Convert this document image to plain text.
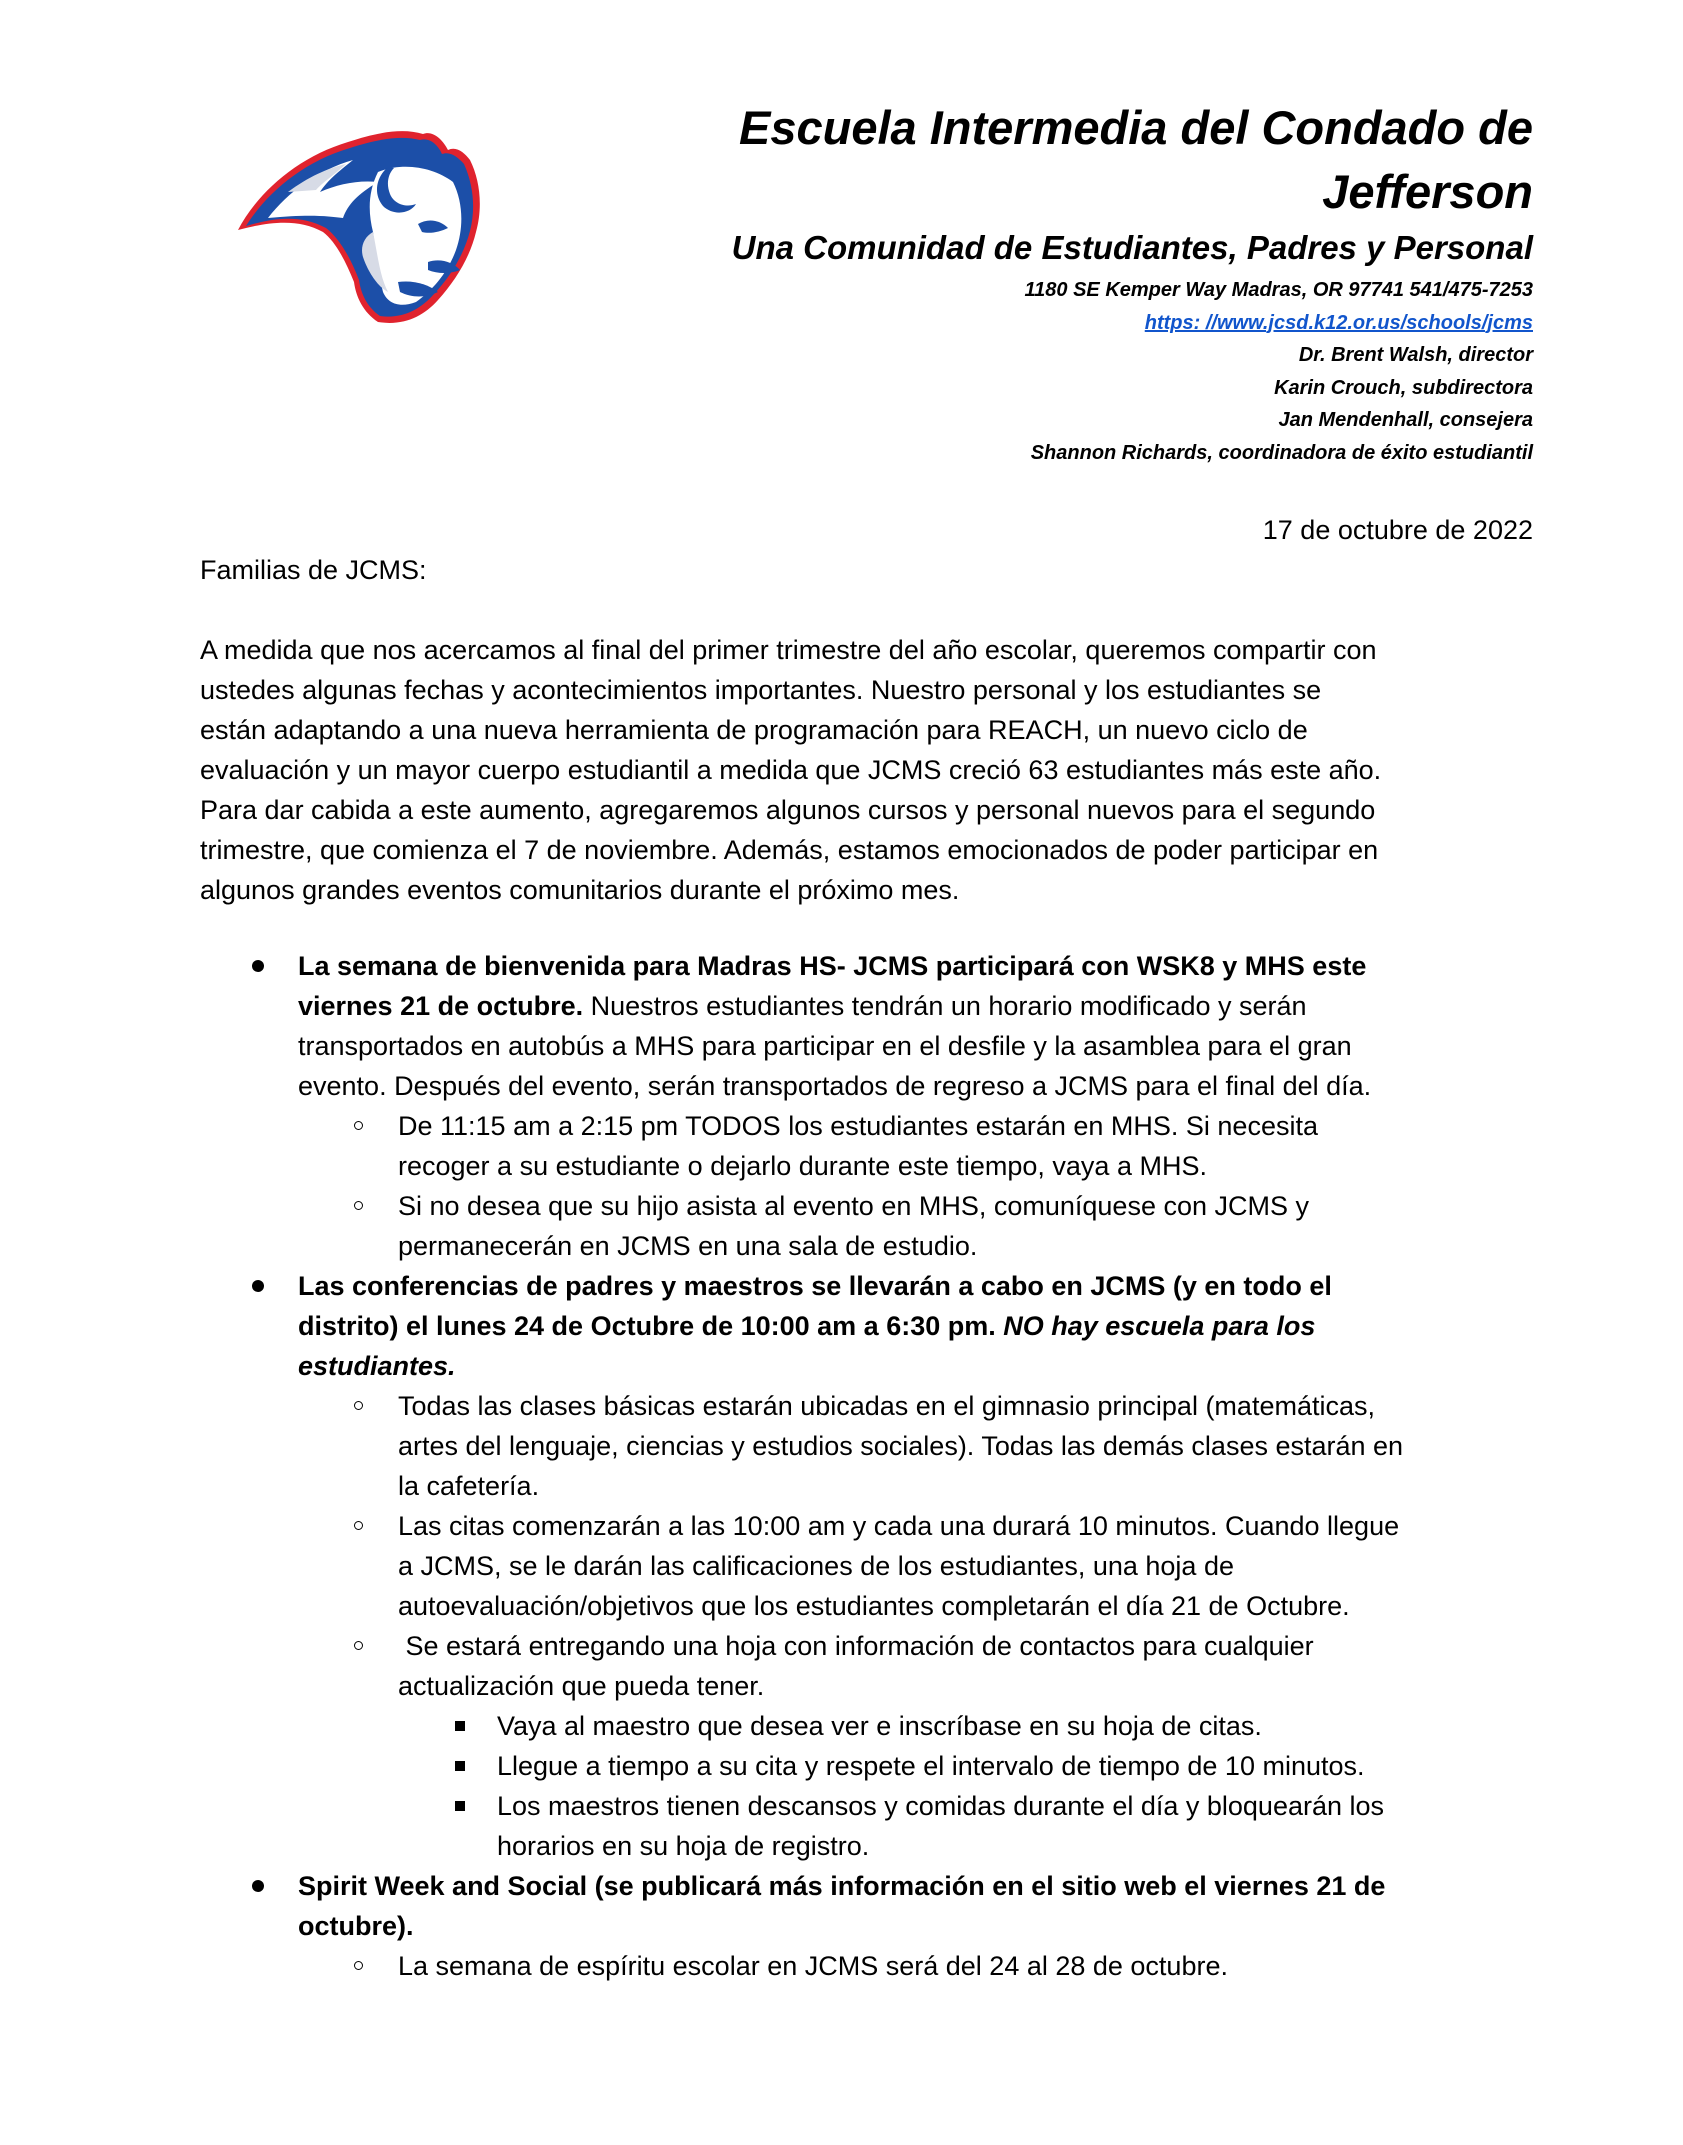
Escuela Intermedia del Condado de
Jefferson
Una Comunidad de Estudiantes, Padres y Personal
1180 SE Kemper Way Madras, OR 97741 541/475-7253
https: //www.jcsd.k12.or.us/schools/jcms
Dr. Brent Walsh, director
Karin Crouch, subdirectora
Jan Mendenhall, consejera
Shannon Richards, coordinadora de éxito estudiantil
17 de octubre de 2022
Familias de JCMS:
A medida que nos acercamos al final del primer trimestre del año escolar, queremos compartir con
ustedes algunas fechas y acontecimientos importantes. Nuestro personal y los estudiantes se
están adaptando a una nueva herramienta de programación para REACH, un nuevo ciclo de
evaluación y un mayor cuerpo estudiantil a medida que JCMS creció 63 estudiantes más este año.
Para dar cabida a este aumento, agregaremos algunos cursos y personal nuevos para el segundo
trimestre, que comienza el 7 de noviembre. Además, estamos emocionados de poder participar en
algunos grandes eventos comunitarios durante el próximo mes.
La semana de bienvenida para Madras HS- JCMS participará con WSK8 y MHS este
viernes 21 de octubre. Nuestros estudiantes tendrán un horario modificado y serán
transportados en autobús a MHS para participar en el desfile y la asamblea para el gran
evento. Después del evento, serán transportados de regreso a JCMS para el final del día.
De 11:15 am a 2:15 pm TODOS los estudiantes estarán en MHS. Si necesita
recoger a su estudiante o dejarlo durante este tiempo, vaya a MHS.
Si no desea que su hijo asista al evento en MHS, comuníquese con JCMS y
permanecerán en JCMS en una sala de estudio.
Las conferencias de padres y maestros se llevarán a cabo en JCMS (y en todo el
distrito) el lunes 24 de Octubre de 10:00 am a 6:30 pm. NO hay escuela para los
estudiantes.
Todas las clases básicas estarán ubicadas en el gimnasio principal (matemáticas,
artes del lenguaje, ciencias y estudios sociales). Todas las demás clases estarán en
la cafetería.
Las citas comenzarán a las 10:00 am y cada una durará 10 minutos. Cuando llegue
a JCMS, se le darán las calificaciones de los estudiantes, una hoja de
autoevaluación/objetivos que los estudiantes completarán el día 21 de Octubre.
Se estará entregando una hoja con información de contactos para cualquier
actualización que pueda tener.
Vaya al maestro que desea ver e inscríbase en su hoja de citas.
Llegue a tiempo a su cita y respete el intervalo de tiempo de 10 minutos.
Los maestros tienen descansos y comidas durante el día y bloquearán los
horarios en su hoja de registro.
Spirit Week and Social (se publicará más información en el sitio web el viernes 21 de
octubre).
La semana de espíritu escolar en JCMS será del 24 al 28 de octubre.
